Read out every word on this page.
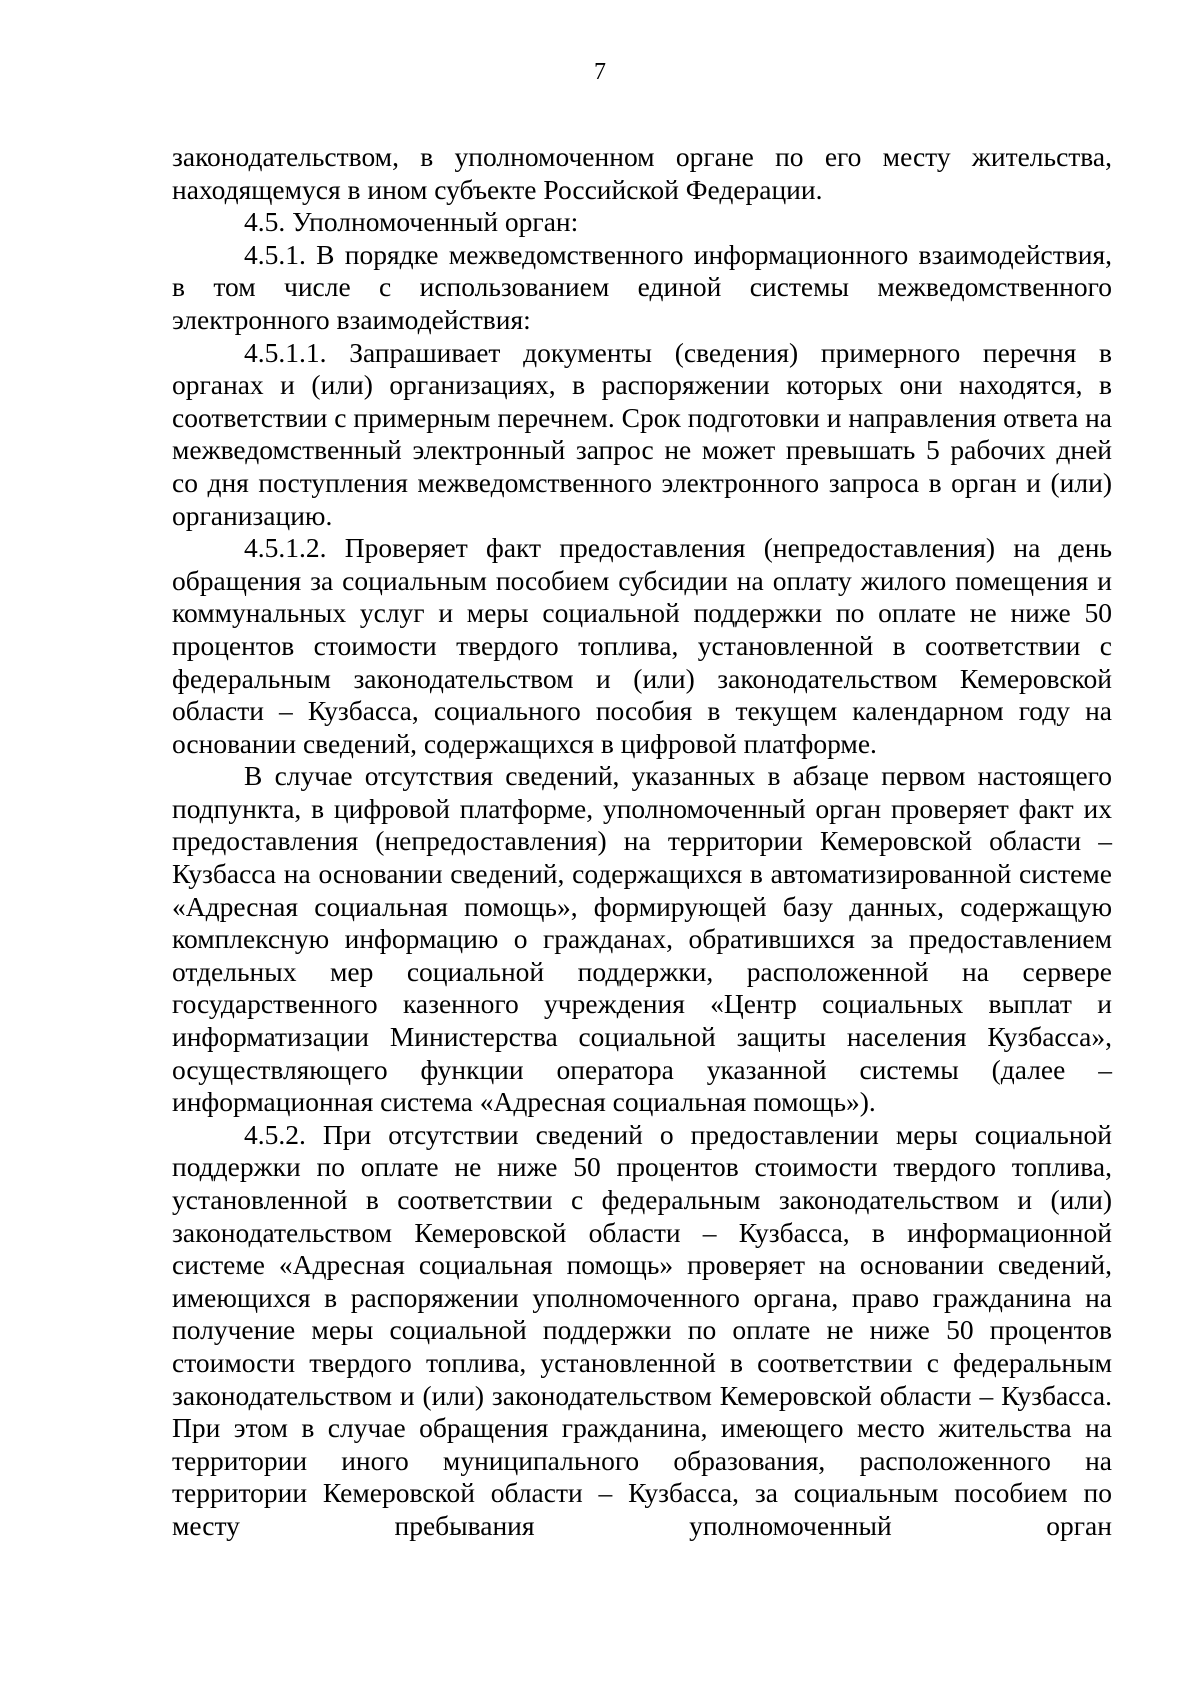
7

законодательством, в уполномоченном органе по его месту жительства, находящемуся в ином субъекте Российской Федерации.

4.5. Уполномоченный орган:

4.5.1. В порядке межведомственного информационного взаимодействия, в том числе с использованием единой системы межведомственного электронного взаимодействия:

4.5.1.1. Запрашивает документы (сведения) примерного перечня в органах и (или) организациях, в распоряжении которых они находятся, в соответствии с примерным перечнем. Срок подготовки и направления ответа на межведомственный электронный запрос не может превышать 5 рабочих дней со дня поступления межведомственного электронного запроса в орган и (или) организацию.

4.5.1.2. Проверяет факт предоставления (непредоставления) на день обращения за социальным пособием субсидии на оплату жилого помещения и коммунальных услуг и меры социальной поддержки по оплате не ниже 50 процентов стоимости твердого топлива, установленной в соответствии с федеральным законодательством и (или) законодательством Кемеровской области – Кузбасса, социального пособия в текущем календарном году на основании сведений, содержащихся в цифровой платформе.

В случае отсутствия сведений, указанных в абзаце первом настоящего подпункта, в цифровой платформе, уполномоченный орган проверяет факт их предоставления (непредоставления) на территории Кемеровской области – Кузбасса на основании сведений, содержащихся в автоматизированной системе «Адресная социальная помощь», формирующей базу данных, содержащую комплексную информацию о гражданах, обратившихся за предоставлением отдельных мер социальной поддержки, расположенной на сервере государственного казенного учреждения «Центр социальных выплат и информатизации Министерства социальной защиты населения Кузбасса», осуществляющего функции оператора указанной системы (далее – информационная система «Адресная социальная помощь»).

4.5.2. При отсутствии сведений о предоставлении меры социальной поддержки по оплате не ниже 50 процентов стоимости твердого топлива, установленной в соответствии с федеральным законодательством и (или) законодательством Кемеровской области – Кузбасса, в информационной системе «Адресная социальная помощь» проверяет на основании сведений, имеющихся в распоряжении уполномоченного органа, право гражданина на получение меры социальной поддержки по оплате не ниже 50 процентов стоимости твердого топлива, установленной в соответствии с федеральным законодательством и (или) законодательством Кемеровской области – Кузбасса. При этом в случае обращения гражданина, имеющего место жительства на территории иного муниципального образования, расположенного на территории Кемеровской области – Кузбасса, за социальным пособием по месту пребывания уполномоченный орган
